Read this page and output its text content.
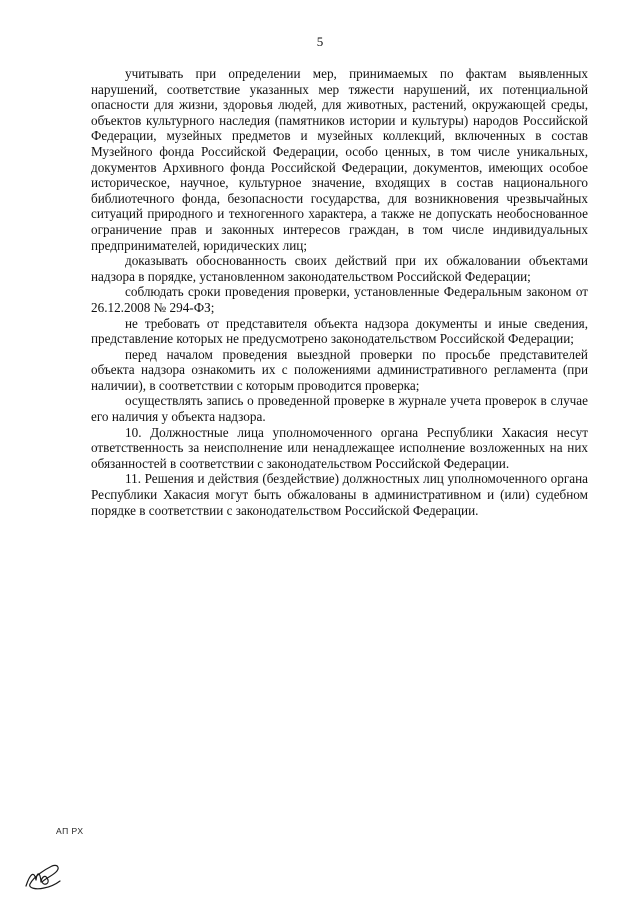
5

учитывать при определении мер, принимаемых по фактам выявленных нарушений, соответствие указанных мер тяжести нарушений, их потенциальной опасности для жизни, здоровья людей, для животных, растений, окружающей среды, объектов культурного наследия (памятников истории и культуры) народов Российской Федерации, музейных предметов и музейных коллекций, включенных в состав Музейного фонда Российской Федерации, особо ценных, в том числе уникальных, документов Архивного фонда Российской Федерации, документов, имеющих особое историческое, научное, культурное значение, входящих в состав национального библиотечного фонда, безопасности государства, для возникновения чрезвычайных ситуаций природного и техногенного характера, а также не допускать необоснованное ограничение прав и законных интересов граждан, в том числе индивидуальных предпринимателей, юридических лиц;

доказывать обоснованность своих действий при их обжаловании объектами надзора в порядке, установленном законодательством Российской Федерации;

соблюдать сроки проведения проверки, установленные Федеральным законом от 26.12.2008 № 294-ФЗ;

не требовать от представителя объекта надзора документы и иные сведения, представление которых не предусмотрено законодательством Российской Федерации;

перед началом проведения выездной проверки по просьбе представителей объекта надзора ознакомить их с положениями административного регламента (при наличии), в соответствии с которым проводится проверка;

осуществлять запись о проведенной проверке в журнале учета проверок в случае его наличия у объекта надзора.

10. Должностные лица уполномоченного органа Республики Хакасия несут ответственность за неисполнение или ненадлежащее исполнение возложенных на них обязанностей в соответствии с законодательством Российской Федерации.

11. Решения и действия (бездействие) должностных лиц уполномоченного органа Республики Хакасия могут быть обжалованы в административном и (или) судебном порядке в соответствии с законодательством Российской Федерации.

АП РХ
